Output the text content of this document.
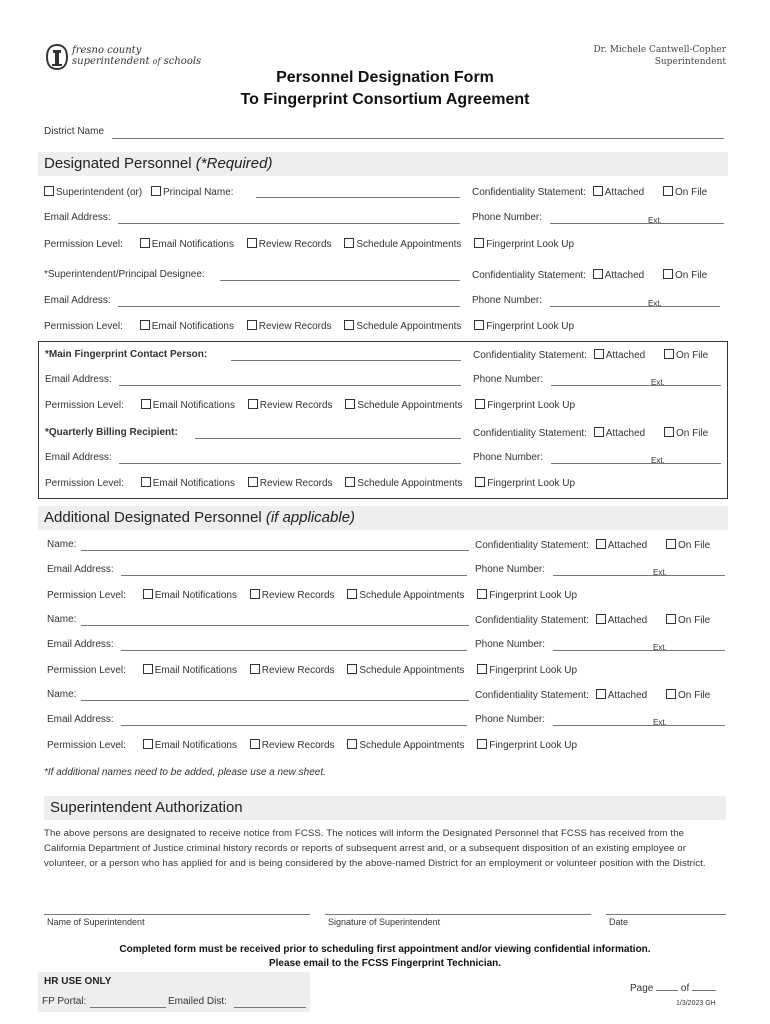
fresno county
superintendent of schools
Dr. Michele Cantwell-Copher
Superintendent
Personnel Designation Form
To Fingerprint Consortium Agreement
District Name
Designated Personnel (*Required)
Superintendent (or) Principal Name:	Confidentiality Statement: Attached	On File
Email Address:	Phone Number:	Ext.
Permission Level:	Email Notifications Review Records Schedule Appointments Fingerprint Look Up
*Superintendent/Principal Designee:	Confidentiality Statement: Attached	On File
Email Address:	Phone Number:	Ext.
Permission Level:	Email Notifications Review Records Schedule Appointments Fingerprint Look Up
*Main Fingerprint Contact Person:	Confidentiality Statement: Attached	On File
Email Address:	Phone Number:	Ext.
Permission Level:	Email Notifications Review Records Schedule Appointments Fingerprint Look Up
*Quarterly Billing Recipient:	Confidentiality Statement: Attached	On File
Email Address:	Phone Number:	Ext.
Permission Level:	Email Notifications Review Records Schedule Appointments Fingerprint Look Up
Additional Designated Personnel (if applicable)
Name:	Confidentiality Statement: Attached	On File
Email Address:	Phone Number:	Ext.
Permission Level:	Email Notifications Review Records Schedule Appointments Fingerprint Look Up
Name:	Confidentiality Statement: Attached	On File
Email Address:	Phone Number:	Ext.
Permission Level:	Email Notifications Review Records Schedule Appointments Fingerprint Look Up
Name:	Confidentiality Statement: Attached	On File
Email Address:	Phone Number:	Ext.
Permission Level:	Email Notifications Review Records Schedule Appointments Fingerprint Look Up
*If additional names need to be added, please use a new sheet.
Superintendent Authorization
The above persons are designated to receive notice from FCSS. The notices will inform the Designated Personnel that FCSS has received from the California Department of Justice criminal history records or reports of subsequent arrest and, or a subsequent disposition of an existing employee or volunteer, or a person who has applied for and is being considered by the above-named District for an employment or volunteer position with the District.
Name of Superintendent	Signature of Superintendent	Date
Completed form must be received prior to scheduling first appointment and/or viewing confidential information.
Please email to the FCSS Fingerprint Technician.
HR USE ONLY
FP Portal:	Emailed Dist:
Page	of
1/3/2023 GH
